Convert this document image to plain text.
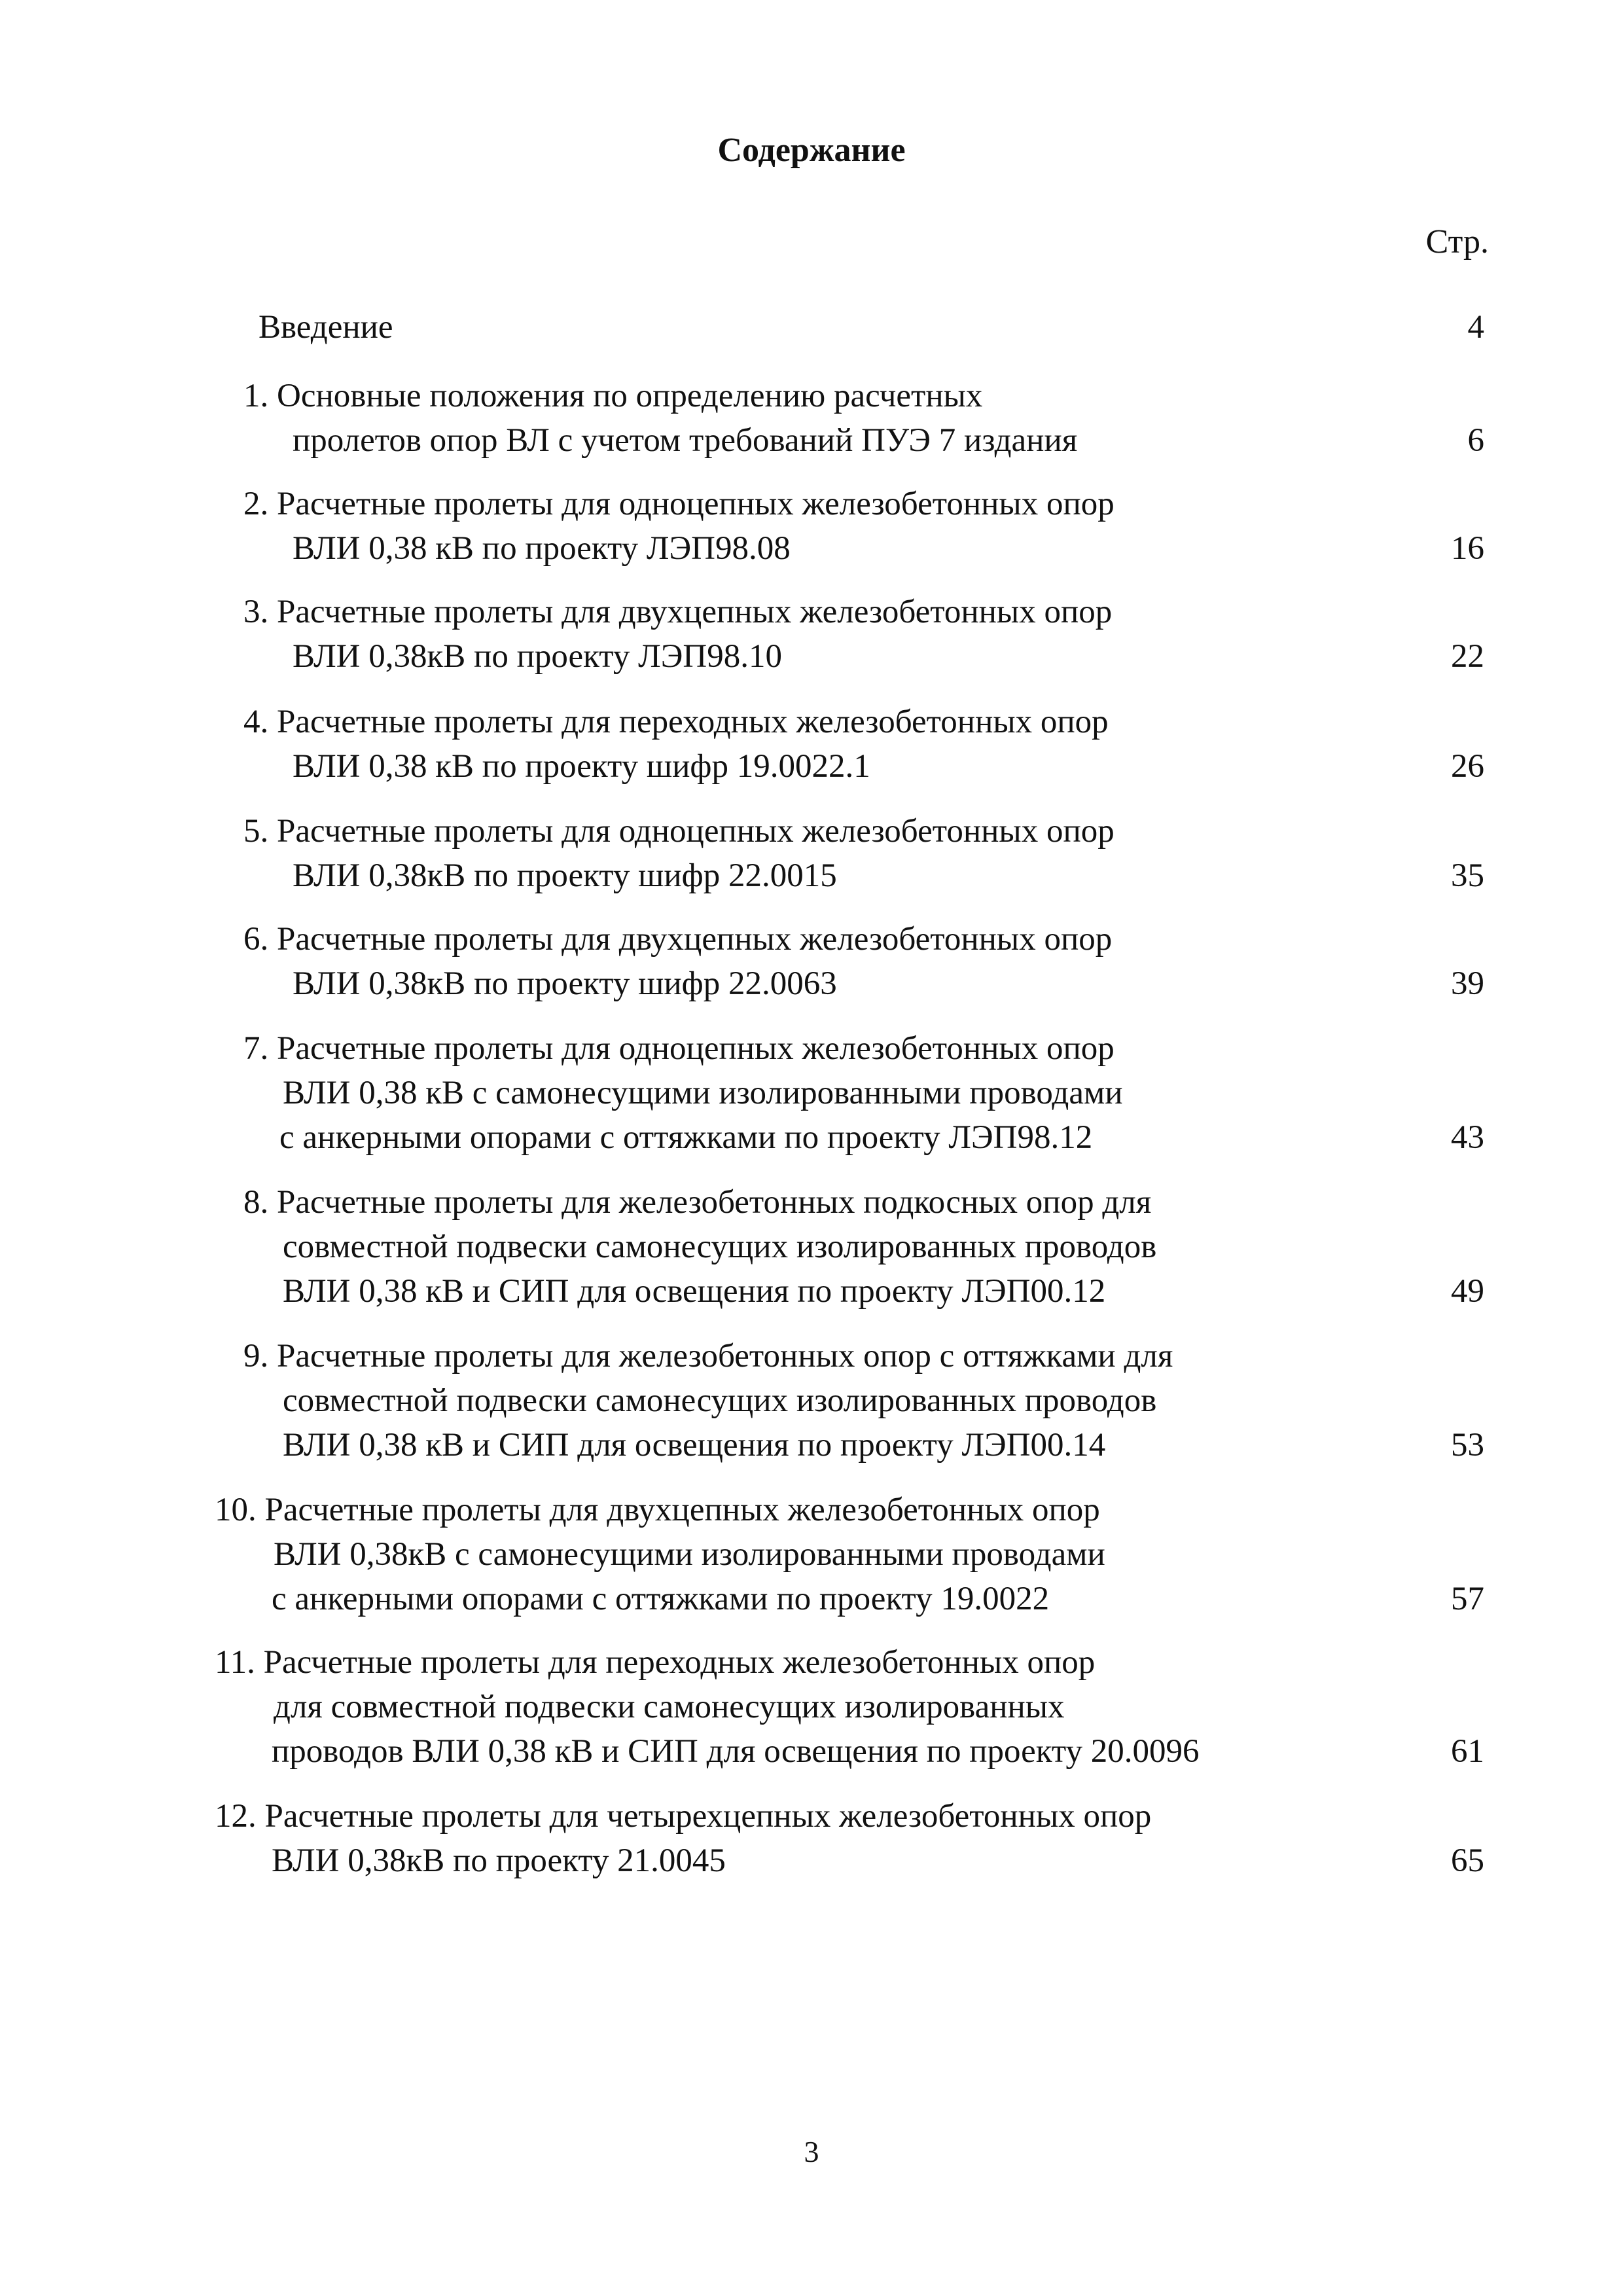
Содержание
Стр.
Введение	4
1. Основные положения по определению расчетных
пролетов опор ВЛ с учетом требований ПУЭ 7 издания	6
2. Расчетные пролеты для одноцепных железобетонных опор
ВЛИ 0,38 кВ по проекту ЛЭП98.08	16
3. Расчетные пролеты для двухцепных железобетонных опор
ВЛИ 0,38кВ по проекту ЛЭП98.10	22
4. Расчетные пролеты для переходных железобетонных опор
ВЛИ 0,38 кВ по проекту шифр 19.0022.1	26
5. Расчетные пролеты для одноцепных железобетонных опор
ВЛИ 0,38кВ по проекту шифр 22.0015	35
6. Расчетные пролеты для двухцепных железобетонных опор
ВЛИ 0,38кВ по проекту шифр 22.0063	39
7. Расчетные пролеты для одноцепных железобетонных опор
ВЛИ 0,38 кВ с самонесущими изолированными проводами
с анкерными опорами с оттяжками по проекту ЛЭП98.12	43
8. Расчетные пролеты для железобетонных подкосных опор для
совместной подвески самонесущих изолированных проводов
ВЛИ 0,38 кВ и СИП для освещения по проекту ЛЭП00.12	49
9. Расчетные пролеты для железобетонных опор с оттяжками для
совместной подвески самонесущих изолированных проводов
ВЛИ 0,38 кВ и СИП для освещения по проекту ЛЭП00.14	53
10. Расчетные пролеты для двухцепных железобетонных опор
ВЛИ 0,38кВ с самонесущими изолированными проводами
с анкерными опорами с оттяжками по проекту 19.0022	57
11. Расчетные пролеты для переходных железобетонных опор
для совместной подвески самонесущих изолированных
проводов ВЛИ 0,38 кВ и СИП для освещения по проекту 20.0096	61
12. Расчетные пролеты для четырехцепных железобетонных опор
ВЛИ 0,38кВ по проекту 21.0045	65
3
